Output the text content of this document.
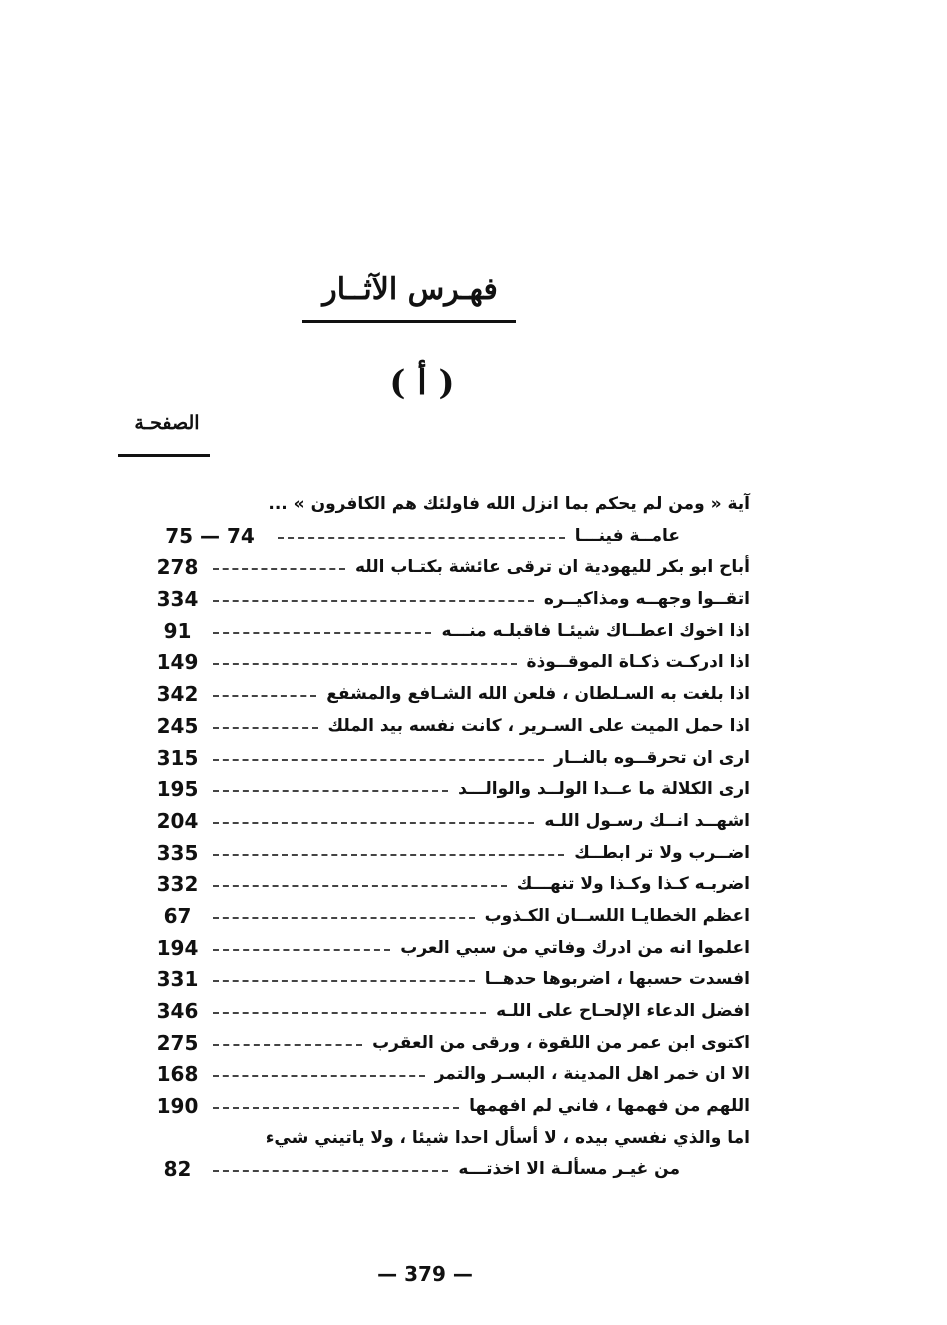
فهـرس الآثــار
( أ )
الصفحـة
آية « ومن لم يحكم بما انزل الله فاولئك هم الكافرون » ...
عامــة فينـــا
75 — 74
أباح ابو بكر لليهودية ان ترقى عائشة بكتـاب الله
278
اتقــوا وجهــه ومذاكيــره
334
اذا اخوك اعطــاك شيئـا فاقبلـه منـــه
91
اذا ادركـت ذكـاة الموقــوذة
149
اذا بلغت به السـلطان ، فلعن الله الشـافع والمشفع
342
اذا حمل الميت على السـرير ، كانت نفسه بيد الملك
245
ارى ان تحرقــوه بالنــار
315
ارى الكلالة ما عــدا الولــد والوالـــد
195
اشهــد انــك رسـول اللـه
204
اضــرب ولا تر ابطــك
335
اضربـه كـذا وكـذا ولا تنهـــك
332
اعظم الخطايـا اللســان الكـذوب
67
اعلموا انه من ادرك وفاتي من سبي العرب
194
افسدت حسبها ، اضربوها حدهــا
331
افضل الدعاء الإلحـاح على اللـه
346
اكتوى ابن عمر من اللقوة ، ورقى من العقرب
275
الا ان خمر اهل المدينة ، البسـر والتمر
168
اللهم من فهمها ، فاني لم افهمها
190
اما والذي نفسي بيده ، لا أسأل احدا شيئا ، ولا ياتيني شيء
من غيـر مسألـة الا اخذتـــه
82
— 379 —
